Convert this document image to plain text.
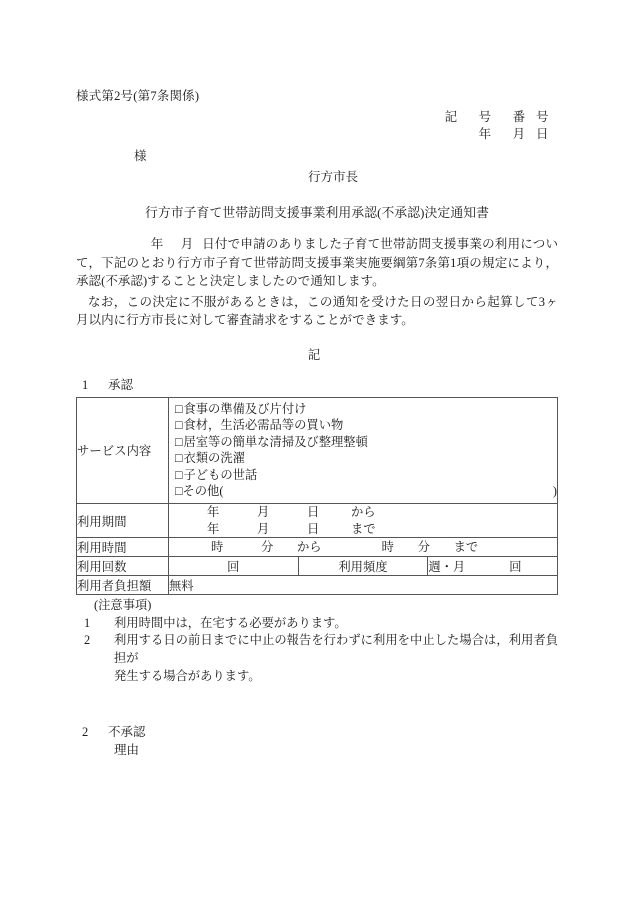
様式第2号(第7条関係)
記 号 番 号
年 月 日
様
行方市長
行方市子育て世帯訪問支援事業利用承認(不承認)決定通知書
年 月 日付で申請のありました子育て世帯訪問支援事業の利用について，下記のとおり行方市子育て世帯訪問支援事業実施要綱第7条第1項の規定により，承認(不承認)することと決定しましたので通知します。
なお，この決定に不服があるときは，この通知を受けた日の翌日から起算して3ヶ月以内に行方市長に対して審査請求をすることができます。
記
1 承認
サービス内容	
□食事の準備及び片付け
□食材，生活必需品等の買い物
□居室等の簡単な清掃及び整理整頓
□衣類の洗濯
□子どもの世話
□その他(	)

利用期間	年 月 日 から
年 月 日 まで		

利用時間	時 分 から 時 分 まで		

利用回数	回	利用頻度	週・月 回
利用者負担額	無料		
(注意事項)
1	利用時間中は，在宅する必要があります。
2	利用する日の前日までに中止の報告を行わずに利用を中止した場合は，利用者負担が
発生する場合があります。
2 不承認
理由
